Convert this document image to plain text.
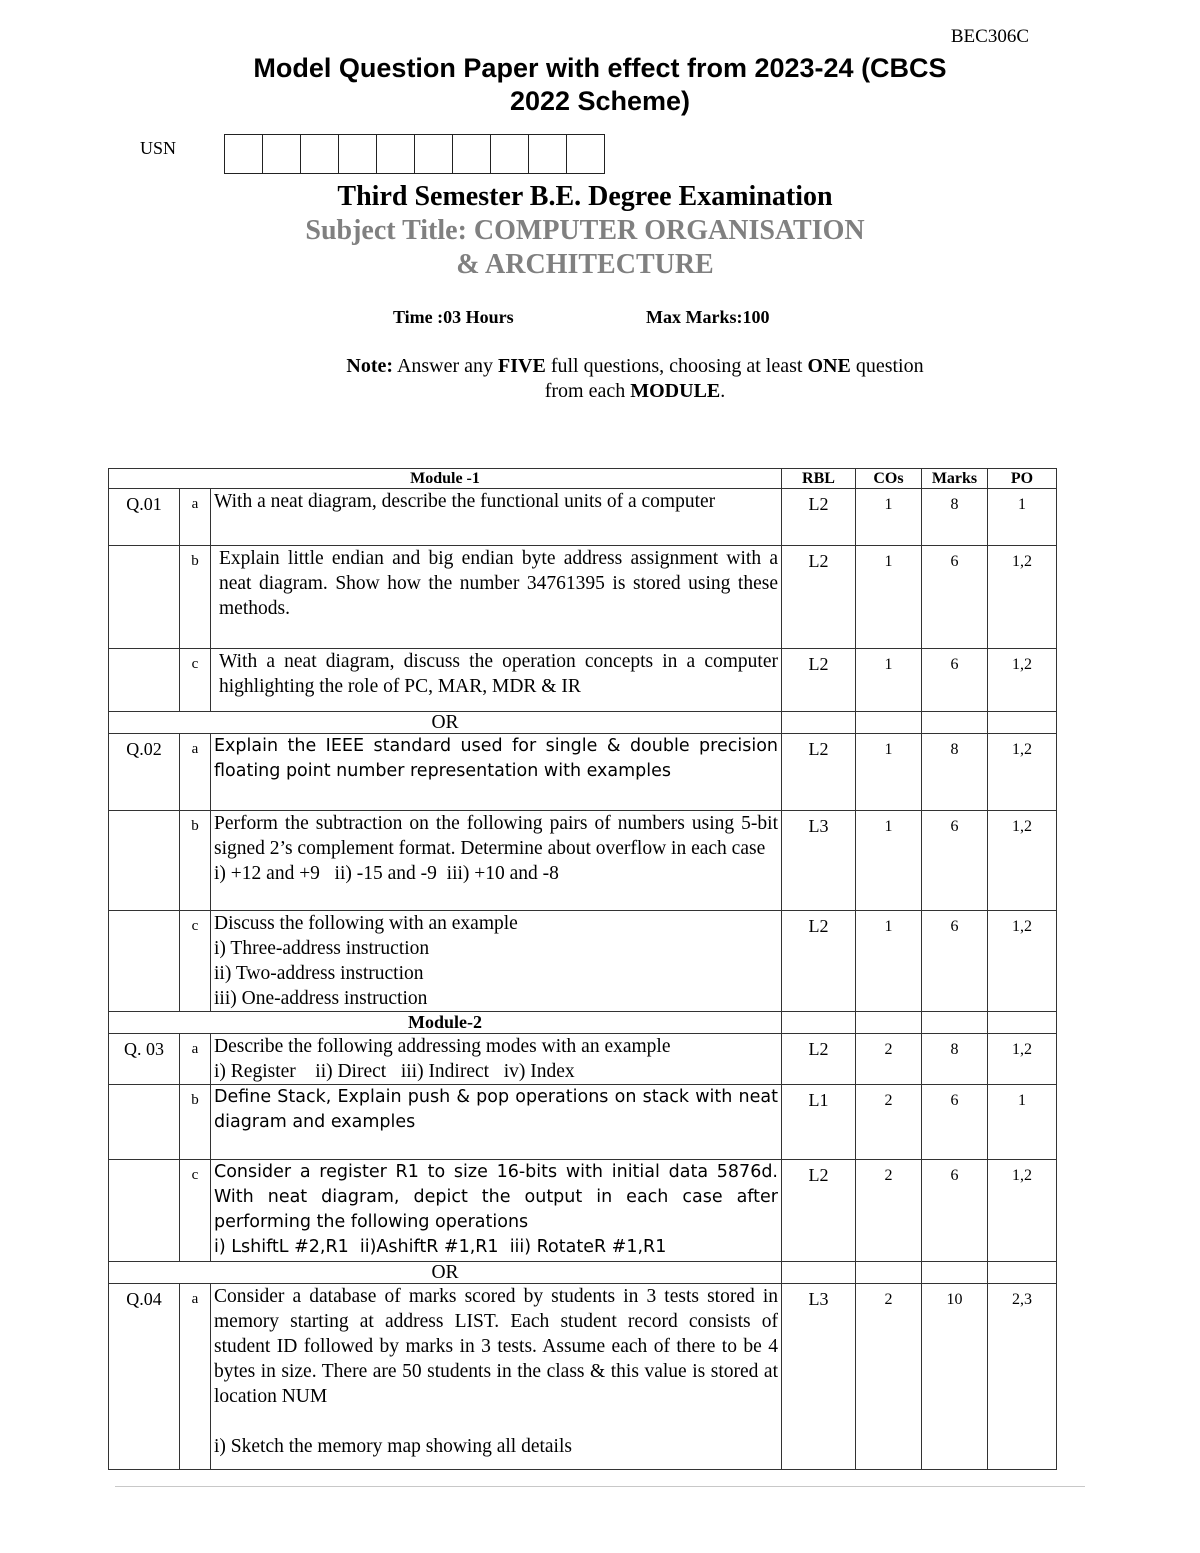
BEC306C
Model Question Paper with effect from 2023-24 (CBCS
2022 Scheme)
USN
Third Semester B.E. Degree Examination
Subject Title: COMPUTER ORGANISATION
& ARCHITECTURE
Time :03 Hours	Max Marks:100
Note: Answer any FIVE full questions, choosing at least ONE question
from each MODULE.
Module -1			RBL	COs	Marks	PO
Q.01	a	With a neat diagram, describe the functional units of a computer	L2	1	8	1
	b	Explain little endian and big endian byte address assignment with a neat diagram. Show how the number 34761395 is stored using these methods.	L2	1	6	1,2
	c	With a neat diagram, discuss the operation concepts in a computer highlighting the role of PC, MAR, MDR & IR	L2	1	6	1,2
OR						
Q.02	a	Explain the IEEE standard used for single & double precision floating point number representation with examples	L2	1	8	1,2
	b	Perform the subtraction on the following pairs of numbers using 5-bit signed 2’s complement format. Determine about overflow in each case
i) +12 and +9   ii) -15 and -9  iii) +10 and -8	L3	1	6	1,2
	c	Discuss the following with an example
i) Three-address instruction
ii) Two-address instruction
iii) One-address instruction	L2	1	6	1,2
Module-2						
Q. 03	a	Describe the following addressing modes with an example
i) Register    ii) Direct   iii) Indirect   iv) Index	L2	2	8	1,2
	b	Define Stack, Explain push & pop operations on stack with neat diagram and examples	L1	2	6	1
	c	Consider a register R1 to size 16-bits with initial data 5876d. With neat diagram, depict the output in each case after performing the following operations
i) LshiftL #2,R1  ii)AshiftR #1,R1  iii) RotateR #1,R1	L2	2	6	1,2
OR						
Q.04	a	Consider a database of marks scored by students in 3 tests stored in memory starting at address LIST. Each student record consists of student ID followed by marks in 3 tests. Assume each of there to be 4 bytes in size. There are 50 students in the class & this value is stored at location NUM

i) Sketch the memory map showing all details	L3	2	10	2,3
